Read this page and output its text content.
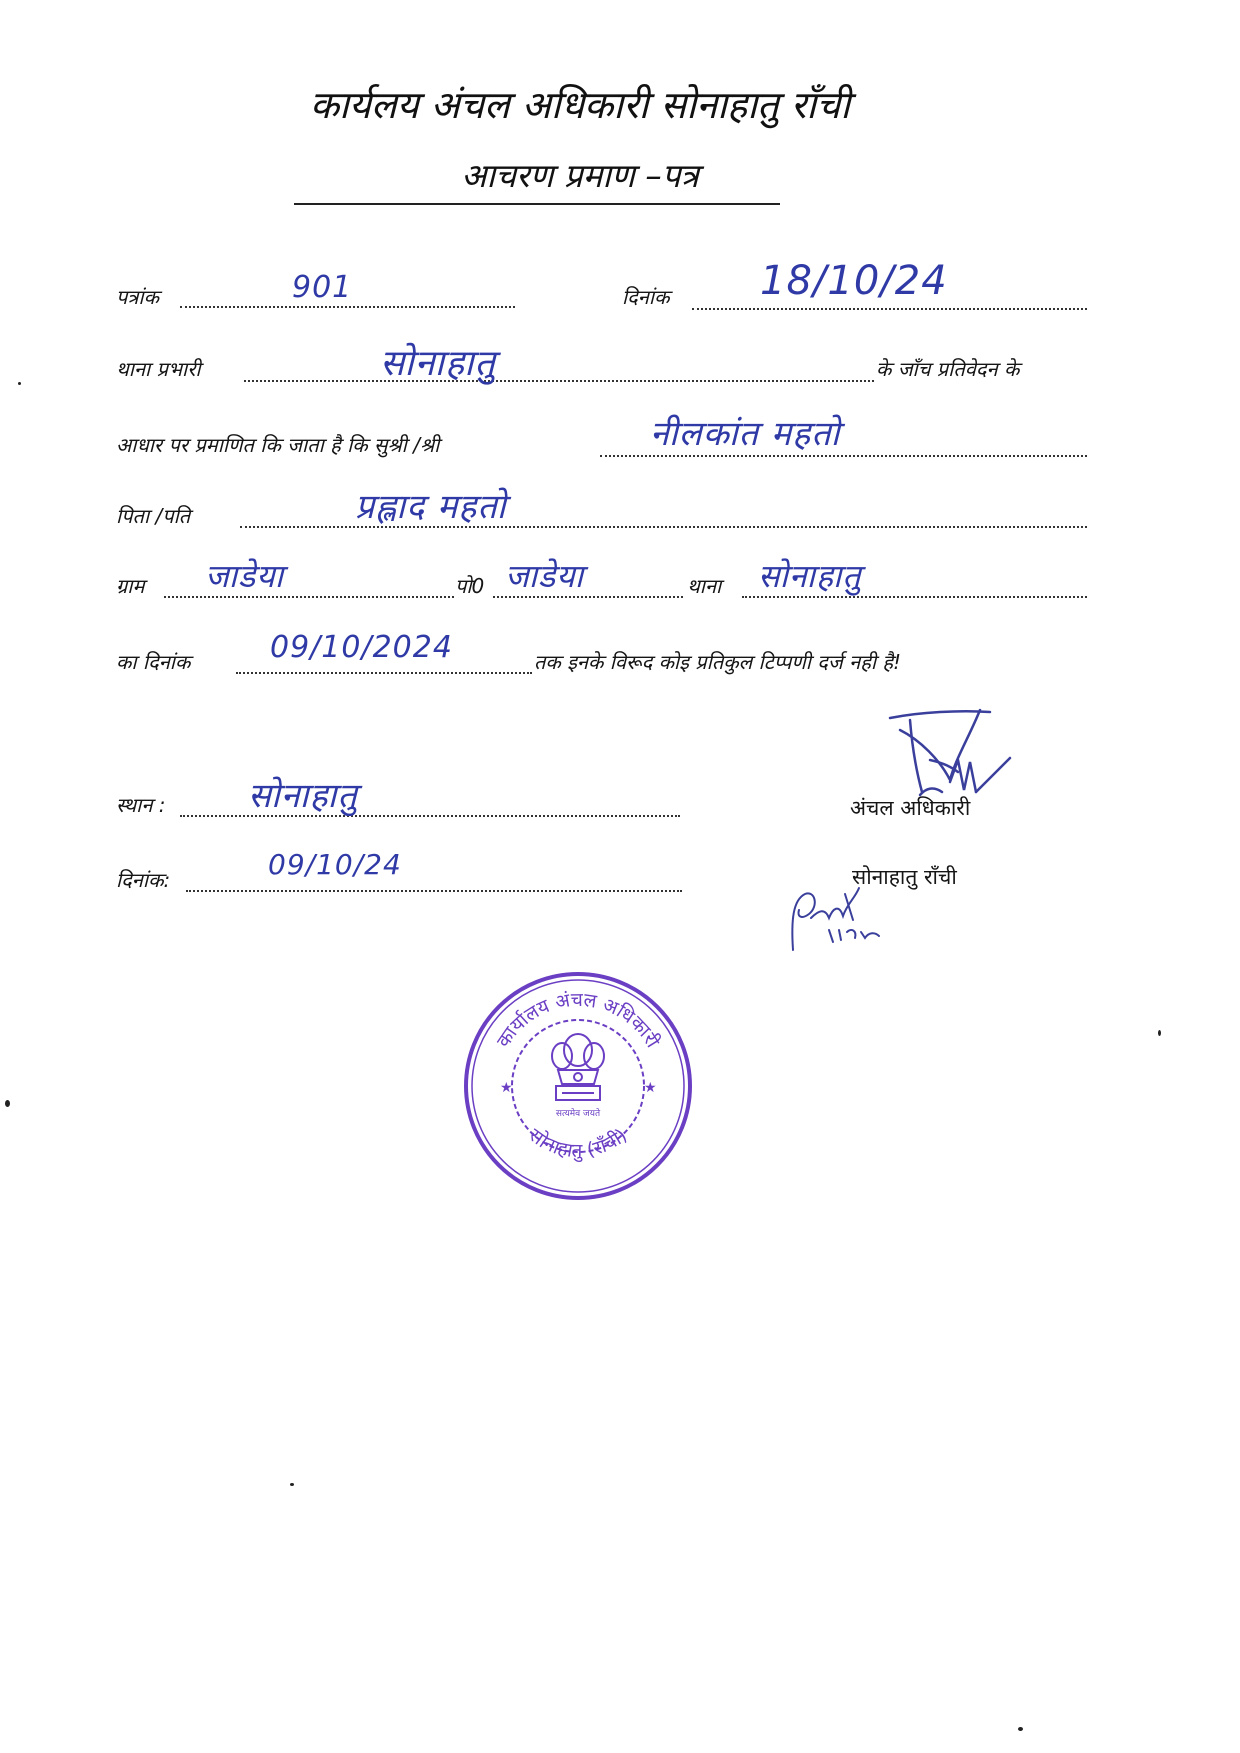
कार्यलय अंचल अधिकारी सोनाहातु राँची
आचरण प्रमाण –पत्र
पत्रांक	901	दिनांक 18/10/24
थाना प्रभारी	सोनाहातु	के जाँच प्रतिवेदन के
आधार पर प्रमाणित कि जाता है कि सुश्री /श्री	नीलकांत महतो
पिता /पति	प्रह्लाद महतो
ग्राम जाडेया	पो0 जाडेया	थाना सोनाहातु
का दिनांक	09/10/2024	तक इनके विरूद कोइ प्रतिकुल टिप्पणी दर्ज नही है!
स्थान : सोनाहातु
दिनांक:	09/10/24
अंचल अधिकारी
सोनाहातु राँची
कार्यालय अंचल अधिकारी
सोनाहातु (राँची)
★	★
सत्यमेव जयते
